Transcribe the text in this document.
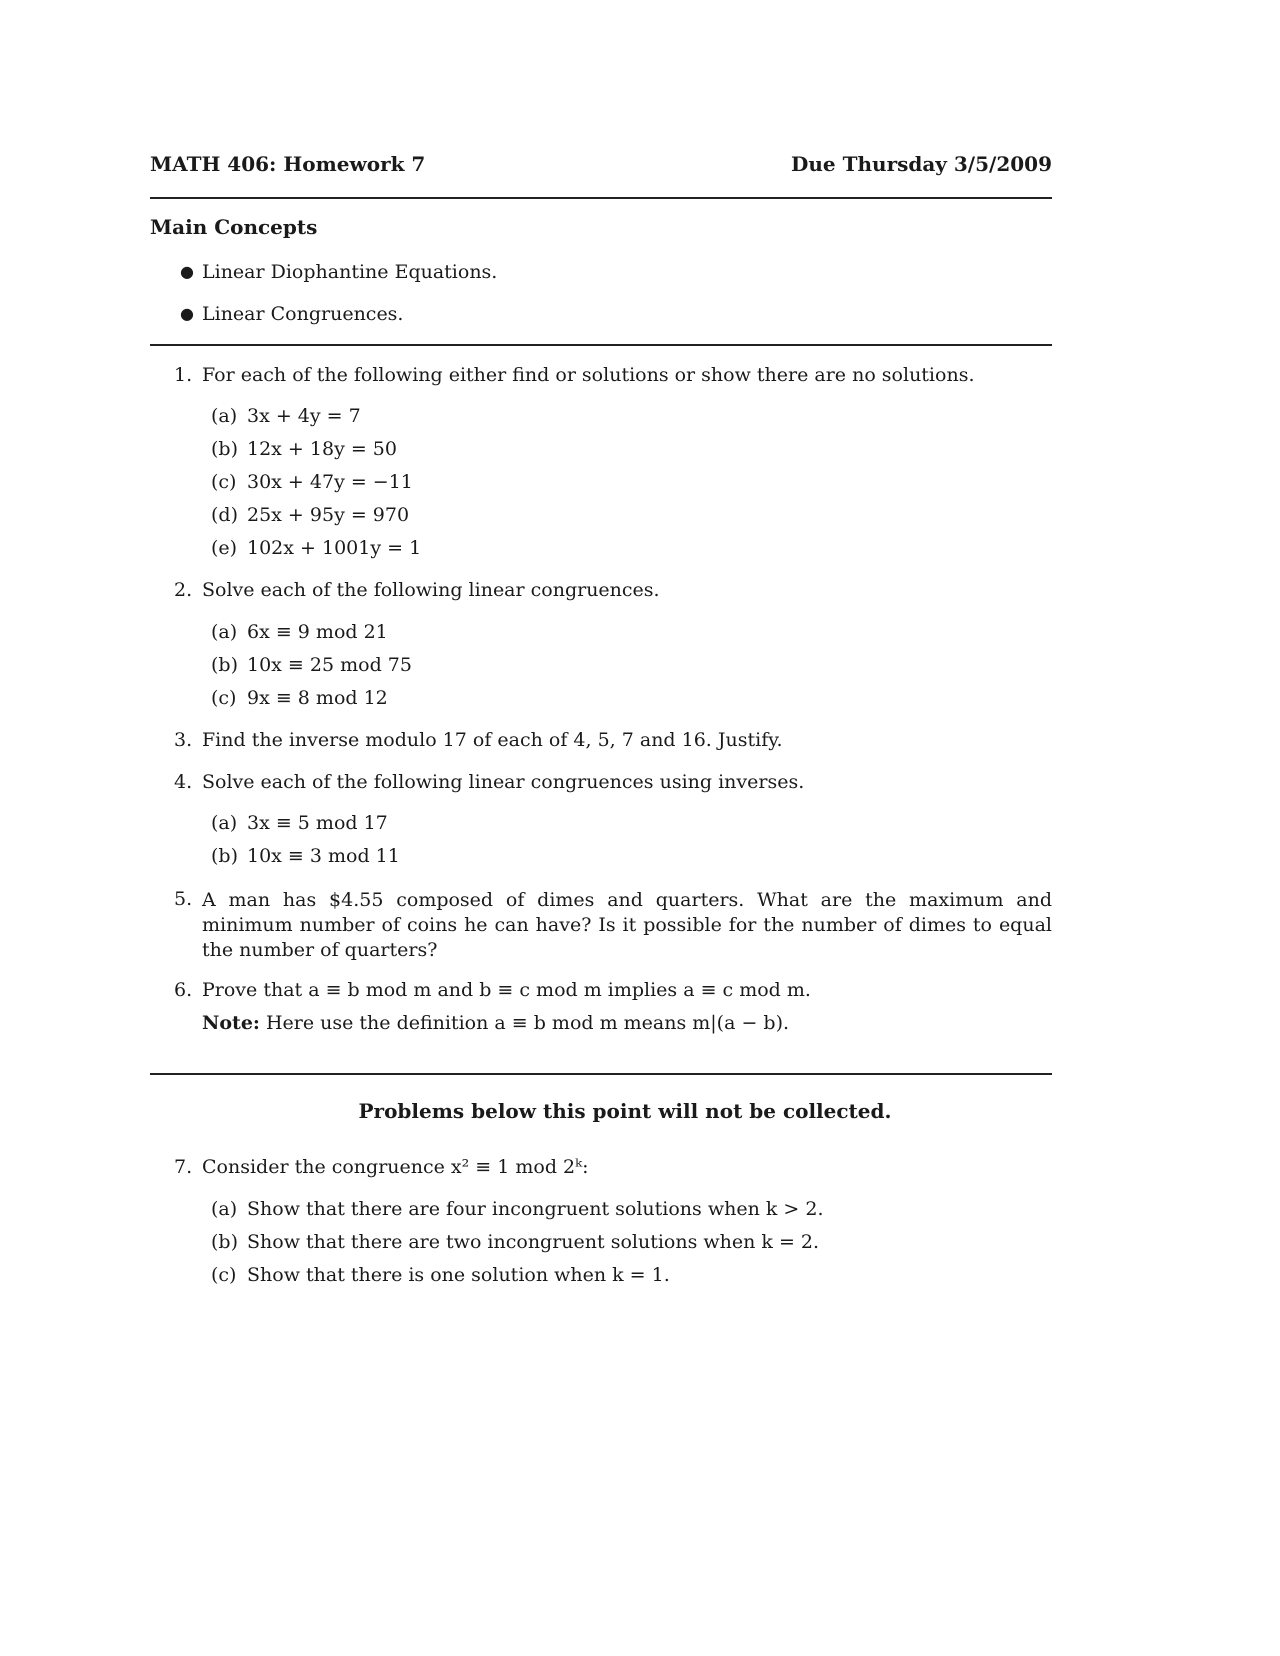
MATH 406: Homework 7	Due Thursday 3/5/2009
Main Concepts
● Linear Diophantine Equations.
● Linear Congruences.
1. For each of the following either find or solutions or show there are no solutions.
(a) 3x + 4y = 7
(b) 12x + 18y = 50
(c) 30x + 47y = −11
(d) 25x + 95y = 970
(e) 102x + 1001y = 1
2. Solve each of the following linear congruences.
(a) 6x ≡ 9 mod 21
(b) 10x ≡ 25 mod 75
(c) 9x ≡ 8 mod 12
3. Find the inverse modulo 17 of each of 4, 5, 7 and 16. Justify.
4. Solve each of the following linear congruences using inverses.
(a) 3x ≡ 5 mod 17
(b) 10x ≡ 3 mod 11
5. A man has $4.55 composed of dimes and quarters. What are the maximum and minimum number of coins he can have? Is it possible for the number of dimes to equal the number of quarters?
6. Prove that a ≡ b mod m and b ≡ c mod m implies a ≡ c mod m.
Note: Here use the definition a ≡ b mod m means m|(a − b).
Problems below this point will not be collected.
7. Consider the congruence x² ≡ 1 mod 2ᵏ:
(a) Show that there are four incongruent solutions when k > 2.
(b) Show that there are two incongruent solutions when k = 2.
(c) Show that there is one solution when k = 1.
